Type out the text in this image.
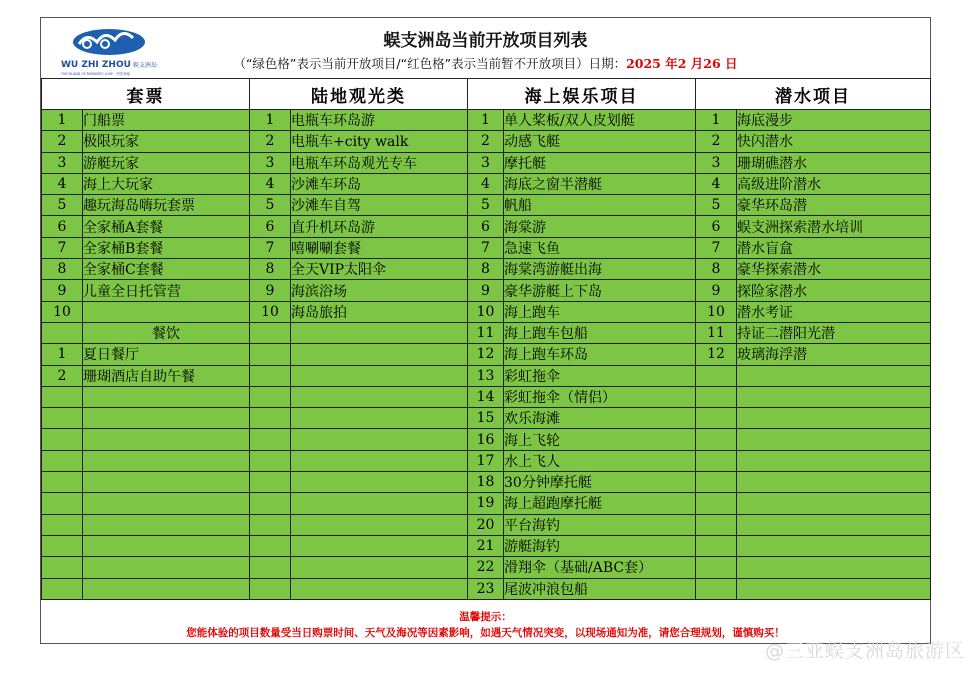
WU ZHI ZHOU 蜈支洲岛
THE ISLAND OF ROMANTIC LOVE · 中国·海南
蜈支洲岛当前开放项目列表
（“绿色格”表示当前开放项目/“红色格”表示当前暂不开放项目）日期：2025 年2 月26 日
套票		陆地观光类		海上娱乐项目		潜水项目	
1	门船票	1	电瓶车环岛游	1	单人桨板/双人皮划艇	1	海底漫步
2	极限玩家	2	电瓶车+city walk	2	动感飞艇	2	快闪潜水
3	游艇玩家	3	电瓶车环岛观光专车	3	摩托艇	3	珊瑚礁潜水
4	海上大玩家	4	沙滩车环岛	4	海底之窗半潜艇	4	高级进阶潜水
5	趣玩海岛嗨玩套票	5	沙滩车自驾	5	帆船	5	豪华环岛潜
6	全家桶A套餐	6	直升机环岛游	6	海棠游	6	蜈支洲探索潜水培训
7	全家桶B套餐	7	嘻唰唰套餐	7	急速飞鱼	7	潜水盲盒
8	全家桶C套餐	8	全天VIP太阳伞	8	海棠湾游艇出海	8	豪华探索潜水
9	儿童全日托管营	9	海滨浴场	9	豪华游艇上下岛	9	探险家潜水
10		10	海岛旅拍	10	海上跑车	10	潜水考证
	餐饮			11	海上跑车包船	11	持证二潜阳光潜
1	夏日餐厅			12	海上跑车环岛	12	玻璃海浮潜
2	珊瑚酒店自助午餐			13	彩虹拖伞		
				14	彩虹拖伞（情侣）		
				15	欢乐海滩		
				16	海上飞轮		
				17	水上飞人		
				18	30分钟摩托艇		
				19	海上超跑摩托艇		
				20	平台海钓		
				21	游艇海钓		
				22	滑翔伞（基础/ABC套）		
				23	尾波冲浪包船		
温馨提示：
您能体验的项目数量受当日购票时间、天气及海况等因素影响，如遇天气情况突变，以现场通知为准，请您合理规划，谨慎购买！
@三亚蜈支洲岛旅游区
